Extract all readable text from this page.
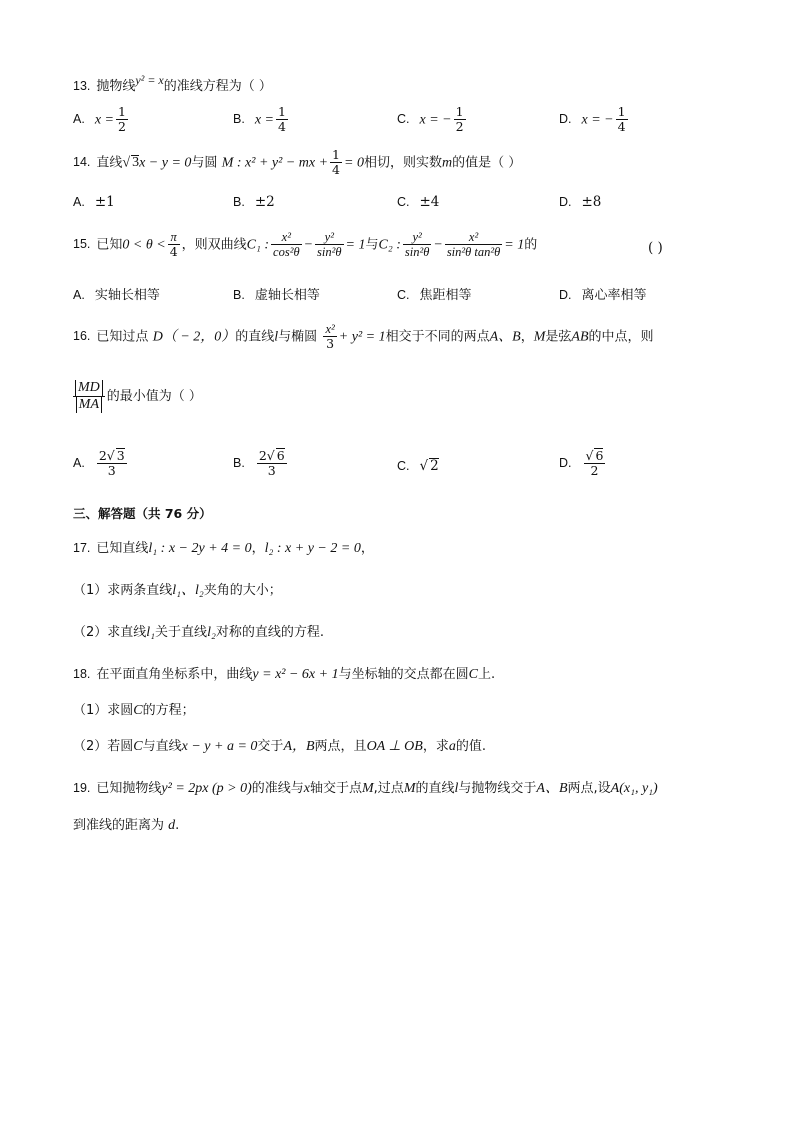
13. 抛物线y² = x的准线方程为（ ）
A. $x = \frac{1}{2}$	B. $x = \frac{1}{4}$	C. x = − $\frac{1}{2}$	D. x = − $\frac{1}{4}$
14. 直线√ 3x − y = 0与圆 M : x² + y² − mx + $\frac{1}{4} = 0$相切，则实数m的值是（ ）
A. ±1	B. ±2	C. ±4	D. ±8
15. 已知$0 < \theta < \frac{\pi}{4}$ ，则双曲线C₁ : $\frac{\text{x²}}{\text{cos²θ}} - \frac{\text{y²}}{\text{sin²θ}} = 1$与C₂ : $\frac{\text{y²}}{\text{sin²θ}} - \frac{\text{x²}}{\text{sin²θ tan²θ}} = 1$的	( )
A. 实轴长相等	B. 虚轴长相等	C. 焦距相等	D. 离心率相等
16. 已知过点 D（ − 2，0）的直线l与椭圆 $\frac{\text{x²}}{3} + y^2 = 1$相交于不同的两点A、B，M是弦AB的中点，则
$\frac{MD}{MA}$ 的最小值为（ ）
A. $\frac{2√ 3}{3}$	B. $\frac{2√ 6}{3}$	C. √ 2	D. $\frac{√ 6}{2}$
三、解答题（共 76 分）
17. 已知直线l₁ : x − 2y + 4 = 0，l₂ : x + y − 2 = 0，
（1）求两条直线l₁、l₂夹角的大小；
（2）求直线l₁关于直线l₂对称的直线的方程.
18. 在平面直角坐标系中，曲线y = x² − 6x + 1与坐标轴的交点都在圆C上.
（1）求圆C的方程；
（2）若圆C与直线x − y + a = 0交于A，B两点，且OA ⊥ OB，求a的值.
19. 已知抛物线y² = 2px (p > 0)的准线与x轴交于点M,过点M的直线l与抛物线交于A、B两点,设A(x₁, y₁)
到准线的距离为 d.
